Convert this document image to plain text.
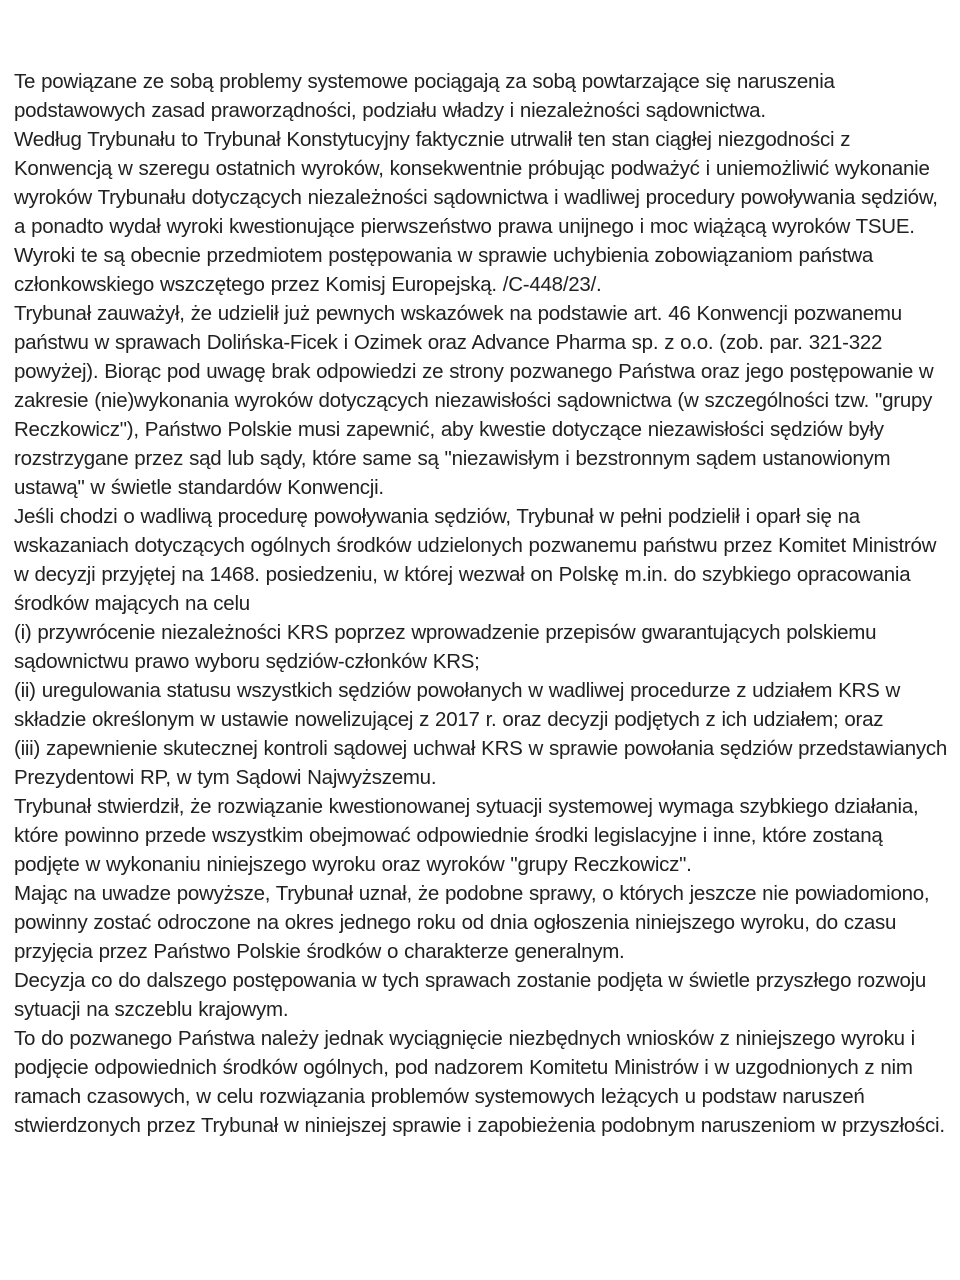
Te powiązane ze sobą problemy systemowe pociągają za sobą powtarzające się naruszenia podstawowych zasad praworządności, podziału władzy i niezależności sądownictwa.

Według Trybunału to Trybunał Konstytucyjny faktycznie utrwalił ten stan ciągłej niezgodności z Konwencją w szeregu ostatnich wyroków, konsekwentnie próbując podważyć i uniemożliwić wykonanie wyroków Trybunału dotyczących niezależności sądownictwa i wadliwej procedury powoływania sędziów, a ponadto wydał wyroki kwestionujące pierwszeństwo prawa unijnego i moc wiążącą wyroków TSUE. Wyroki te są obecnie przedmiotem postępowania w sprawie uchybienia zobowiązaniom państwa członkowskiego wszczętego przez Komisj Europejską. /C-448/23/.

Trybunał zauważył, że udzielił już pewnych wskazówek na podstawie art. 46 Konwencji pozwanemu państwu w sprawach Dolińska-Ficek i Ozimek oraz Advance Pharma sp. z o.o. (zob. par. 321-322 powyżej). Biorąc pod uwagę brak odpowiedzi ze strony pozwanego Państwa oraz jego postępowanie w zakresie (nie)wykonania wyroków dotyczących niezawisłości sądownictwa (w szczególności tzw. "grupy Reczkowicz"), Państwo Polskie musi zapewnić, aby kwestie dotyczące niezawisłości sędziów były rozstrzygane przez sąd lub sądy, które same są "niezawisłym i bezstronnym sądem ustanowionym ustawą" w świetle standardów Konwencji.

Jeśli chodzi o wadliwą procedurę powoływania sędziów, Trybunał w pełni podzielił i oparł się na wskazaniach dotyczących ogólnych środków udzielonych pozwanemu państwu przez Komitet Ministrów w decyzji przyjętej na 1468. posiedzeniu, w której wezwał on Polskę m.in. do szybkiego opracowania środków mających na celu

(i) przywrócenie niezależności KRS poprzez wprowadzenie przepisów gwarantujących polskiemu sądownictwu prawo wyboru sędziów-członków KRS;

(ii) uregulowania statusu wszystkich sędziów powołanych w wadliwej procedurze z udziałem KRS w składzie określonym w ustawie nowelizującej z 2017 r. oraz decyzji podjętych z ich udziałem; oraz

(iii) zapewnienie skutecznej kontroli sądowej uchwał KRS w sprawie powołania sędziów przedstawianych Prezydentowi RP, w tym Sądowi Najwyższemu.

Trybunał stwierdził, że rozwiązanie kwestionowanej sytuacji systemowej wymaga szybkiego działania, które powinno przede wszystkim obejmować odpowiednie środki legislacyjne i inne, które zostaną podjęte w wykonaniu niniejszego wyroku oraz wyroków "grupy Reczkowicz".

Mając na uwadze powyższe, Trybunał uznał, że podobne sprawy, o których jeszcze nie powiadomiono, powinny zostać odroczone na okres jednego roku od dnia ogłoszenia niniejszego wyroku, do czasu przyjęcia przez Państwo Polskie środków o charakterze generalnym.

Decyzja co do dalszego postępowania w tych sprawach zostanie podjęta w świetle przyszłego rozwoju sytuacji na szczeblu krajowym.

To do pozwanego Państwa należy jednak wyciągnięcie niezbędnych wniosków z niniejszego wyroku i podjęcie odpowiednich środków ogólnych, pod nadzorem Komitetu Ministrów i w uzgodnionych z nim ramach czasowych, w celu rozwiązania problemów systemowych leżących u podstaw naruszeń stwierdzonych przez Trybunał w niniejszej sprawie i zapobieżenia podobnym naruszeniom w przyszłości.
